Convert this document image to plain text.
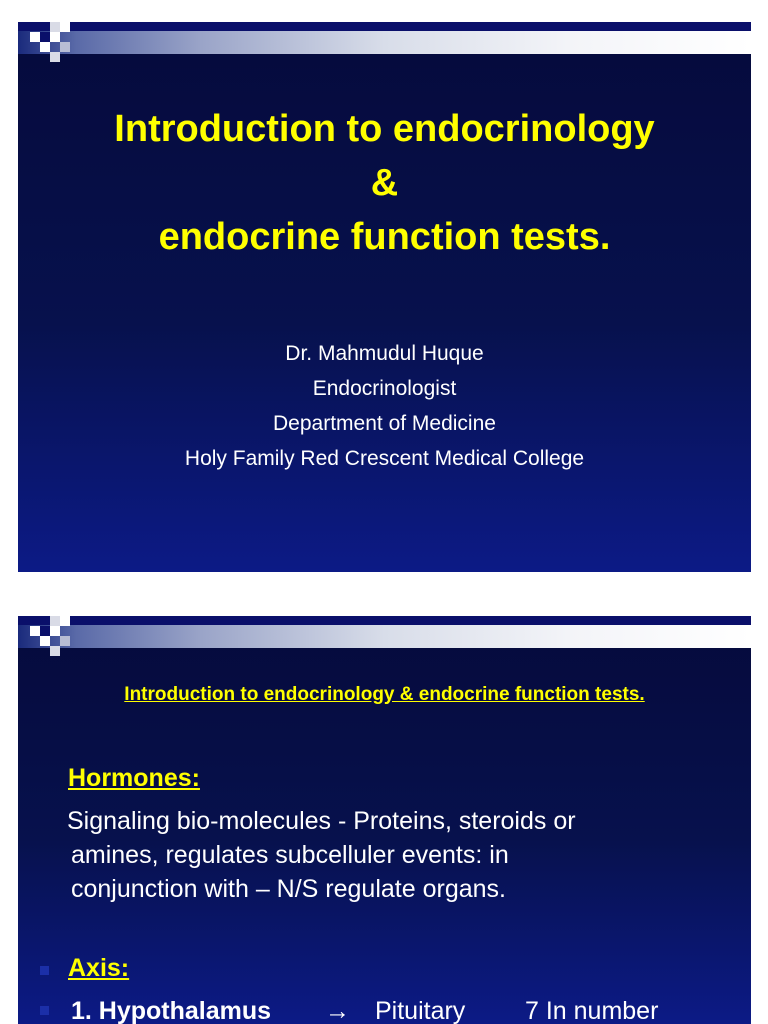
Introduction to endocrinology
&
endocrine function tests.
Dr. Mahmudul Huque
Endocrinologist
Department of Medicine
Holy Family Red Crescent Medical College
Introduction to endocrinology & endocrine function tests.
Hormones:
Signaling bio-molecules - Proteins, steroids or
amines, regulates subcelluler events: in
conjunction with – N/S regulate organs.
Axis:
1. Hypothalamus → Pituitary 7 In number
